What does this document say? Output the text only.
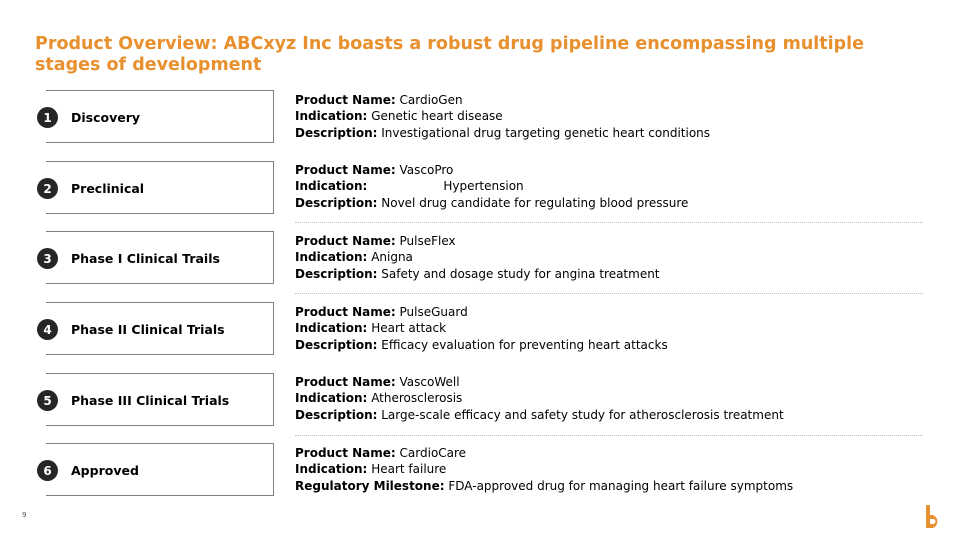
Product Overview: ABCxyz Inc boasts a robust drug pipeline encompassing multiple stages of development
1	Discovery
Product Name: CardioGen
Indication: Genetic heart disease
Description: Investigational drug targeting genetic heart conditions
2	Preclinical
Product Name: VascoPro
Indication:	Hypertension
Description: Novel drug candidate for regulating blood pressure
3	Phase I Clinical Trails
Product Name: PulseFlex
Indication: Anigna
Description: Safety and dosage study for angina treatment
4	Phase II Clinical Trials
Product Name: PulseGuard
Indication: Heart attack
Description: Efficacy evaluation for preventing heart attacks
5	Phase III Clinical Trials
Product Name: VascoWell
Indication: Atherosclerosis
Description: Large-scale efficacy and safety study for atherosclerosis treatment
6	Approved
Product Name: CardioCare
Indication: Heart failure
Regulatory Milestone: FDA-approved drug for managing heart failure symptoms
9
